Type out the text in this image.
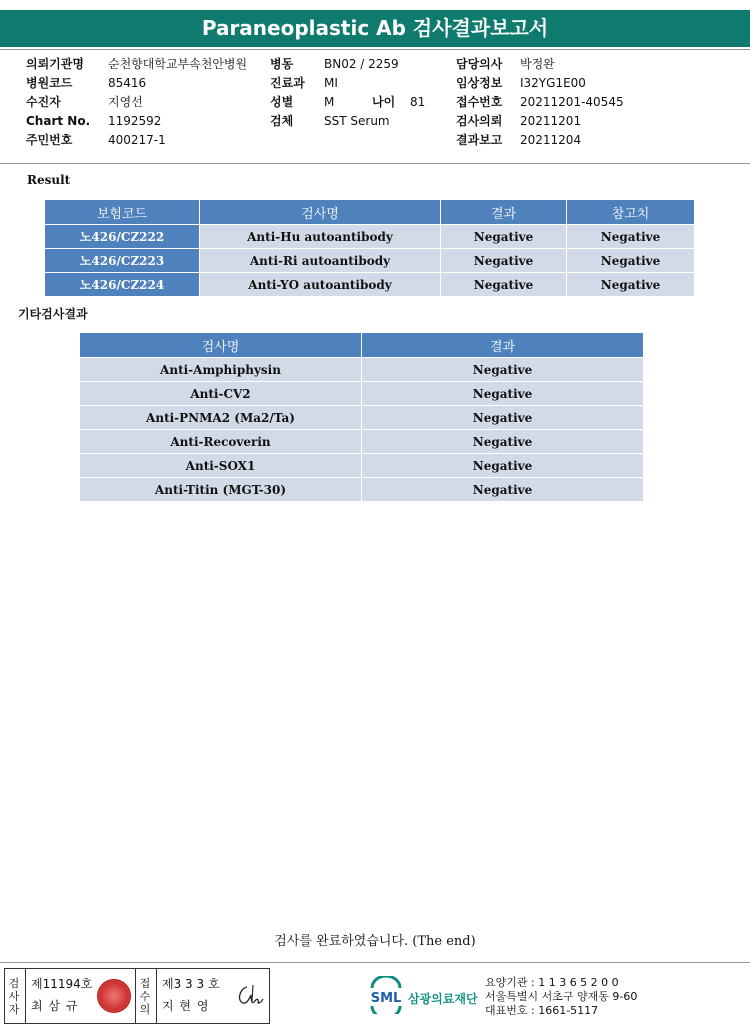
Paraneoplastic Ab 검사결과보고서
의뢰기관명 순천향대학교부속천안병원
병원코드	85416
수진자	지영선
Chart No. 1192592
주민번호	400217-1
병동	BN02 / 2259
진료과 MI
성별	M	나이 81
검체	SST Serum
담당의사 박정완
임상정보 I32YG1E00
접수번호 20211201-40545
검사의뢰 20211201
결과보고 20211204
Result
보험코드	검사명	결과	참고치
노426/CZ222	Anti-Hu autoantibody	Negative	Negative
노426/CZ223	Anti-Ri autoantibody	Negative	Negative
노426/CZ224	Anti-YO autoantibody	Negative	Negative
기타검사결과
검사명	결과
Anti-Amphiphysin	Negative
Anti-CV2	Negative
Anti-PNMA2 (Ma2/Ta)	Negative
Anti-Recoverin	Negative
Anti-SOX1	Negative
Anti-Titin (MGT-30)	Negative
검사를 완료하였습니다. (The end)
검사자
제11194호
최 삼 규
접수의
제3 3 3 호
지 현 영	SML 삼광의료재단
요양기관 : 1 1 3 6 5 2 0 0
서울특별시 서초구 양재동 9-60
대표번호 : 1661-5117
